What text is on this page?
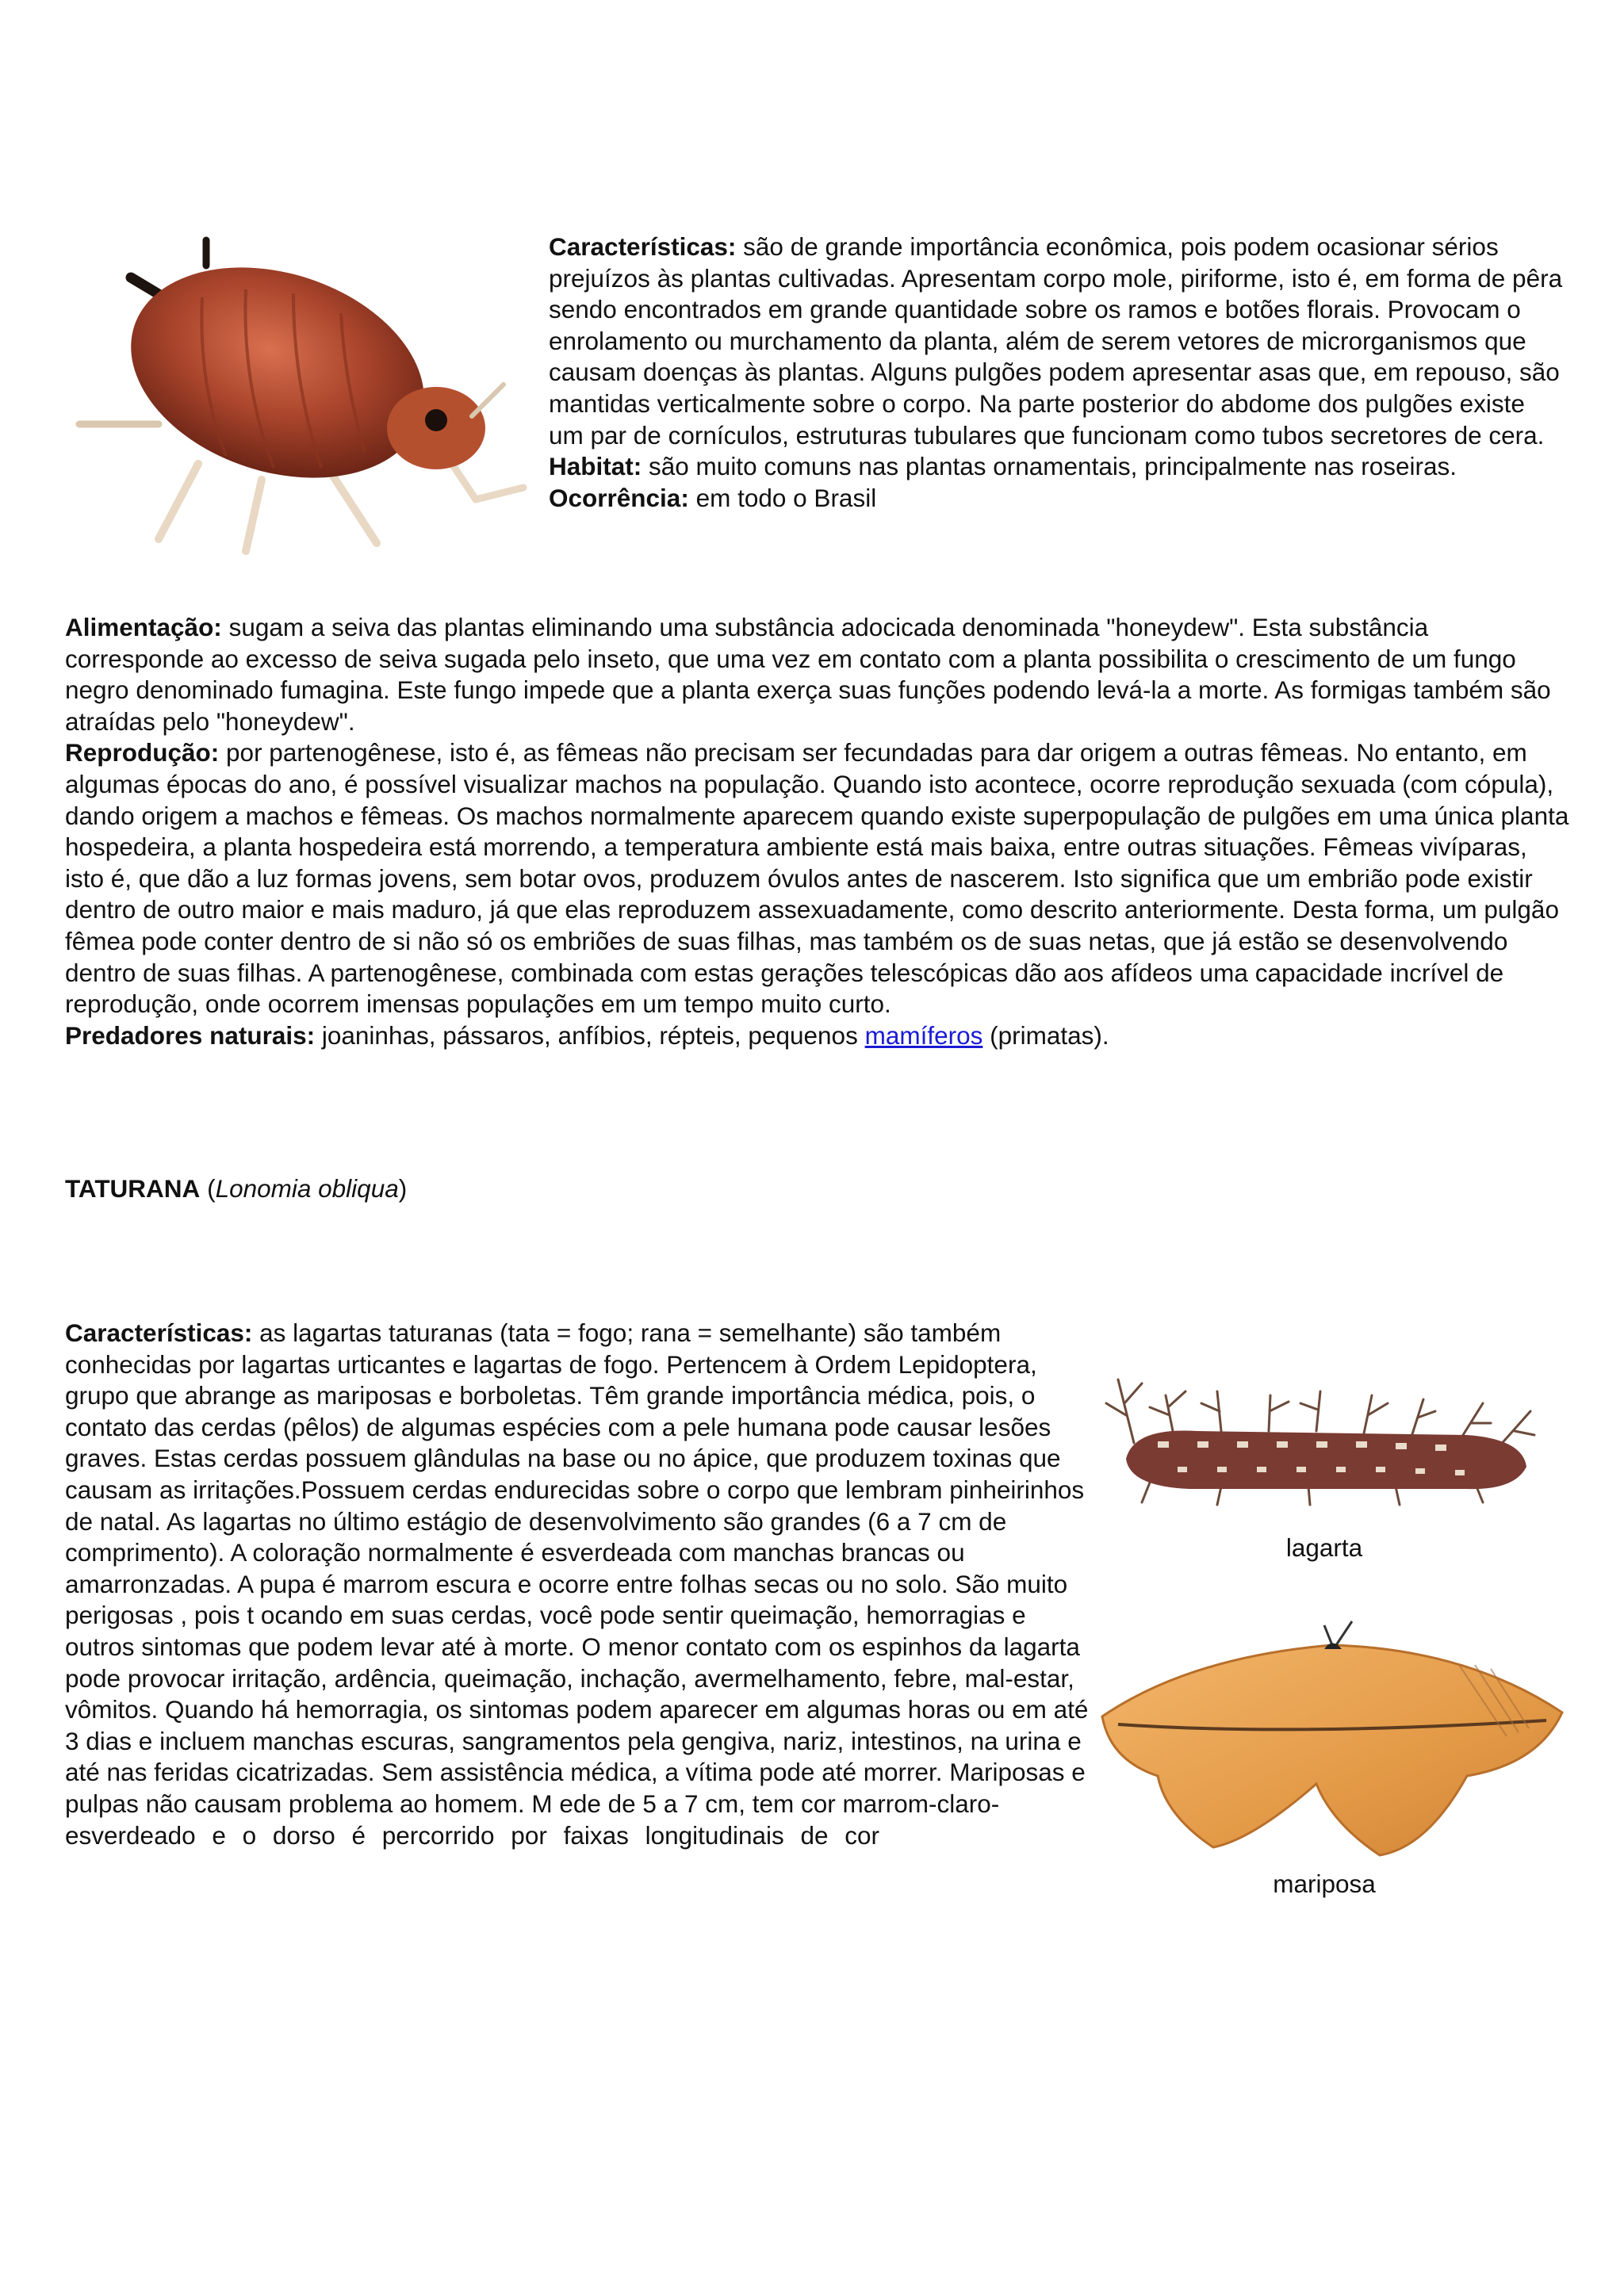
Características: são de grande importância econômica, pois podem ocasionar sérios prejuízos às plantas cultivadas. Apresentam corpo mole, piriforme, isto é, em forma de pêra sendo encontrados em grande quantidade sobre os ramos e botões florais. Provocam o enrolamento ou murchamento da planta, além de serem vetores de microrganismos que causam doenças às plantas. Alguns pulgões podem apresentar asas que, em repouso, são mantidas verticalmente sobre o corpo. Na parte posterior do abdome dos pulgões existe um par de cornículos, estruturas tubulares que funcionam como tubos secretores de cera.
Habitat: são muito comuns nas plantas ornamentais, principalmente nas roseiras.
Ocorrência: em todo o Brasil
Alimentação: sugam a seiva das plantas eliminando uma substância adocicada denominada "honeydew". Esta substância corresponde ao excesso de seiva sugada pelo inseto, que uma vez em contato com a planta possibilita o crescimento de um fungo negro denominado fumagina. Este fungo impede que a planta exerça suas funções podendo levá-la a morte. As formigas também são atraídas pelo "honeydew".
Reprodução: por partenogênese, isto é, as fêmeas não precisam ser fecundadas para dar origem a outras fêmeas. No entanto, em algumas épocas do ano, é possível visualizar machos na população. Quando isto acontece, ocorre reprodução sexuada (com cópula), dando origem a machos e fêmeas. Os machos normalmente aparecem quando existe superpopulação de pulgões em uma única planta hospedeira, a planta hospedeira está morrendo, a temperatura ambiente está mais baixa, entre outras situações. Fêmeas vivíparas, isto é, que dão a luz formas jovens, sem botar ovos, produzem óvulos antes de nascerem. Isto significa que um embrião pode existir dentro de outro maior e mais maduro, já que elas reproduzem assexuadamente, como descrito anteriormente. Desta forma, um pulgão fêmea pode conter dentro de si não só os embriões de suas filhas, mas também os de suas netas, que já estão se desenvolvendo dentro de suas filhas. A partenogênese, combinada com estas gerações telescópicas dão aos afídeos uma capacidade incrível de reprodução, onde ocorrem imensas populações em um tempo muito curto.
Predadores naturais: joaninhas, pássaros, anfíbios, répteis, pequenos mamíferos (primatas).
TATURANA (Lonomia obliqua)
Características: as lagartas taturanas (tata = fogo; rana = semelhante) são também conhecidas por lagartas urticantes e lagartas de fogo. Pertencem à Ordem Lepidoptera, grupo que abrange as mariposas e borboletas. Têm grande importância médica, pois, o contato das cerdas (pêlos) de algumas espécies com a pele humana pode causar lesões graves. Estas cerdas possuem glândulas na base ou no ápice, que produzem toxinas que causam as irritações.Possuem cerdas endurecidas sobre o corpo que lembram pinheirinhos de natal. As lagartas no último estágio de desenvolvimento são grandes (6 a 7 cm de comprimento). A coloração normalmente é esverdeada com manchas brancas ou amarronzadas. A pupa é marrom escura e ocorre entre folhas secas ou no solo. São muito perigosas , pois t ocando em suas cerdas, você pode sentir queimação, hemorragias e outros sintomas que podem levar até à morte. O menor contato com os espinhos da lagarta pode provocar irritação, ardência, queimação, inchação, avermelhamento, febre, mal-estar, vômitos. Quando há hemorragia, os sintomas podem aparecer em algumas horas ou em até 3 dias e incluem manchas escuras, sangramentos pela gengiva, nariz, intestinos, na urina e até nas feridas cicatrizadas. Sem assistência médica, a vítima pode até morrer. Mariposas e pulpas não causam problema ao homem. M ede de 5 a 7 cm, tem cor marrom-claro-
esverdeado e o dorso é percorrido por faixas longitudinais de cor
lagarta
mariposa
